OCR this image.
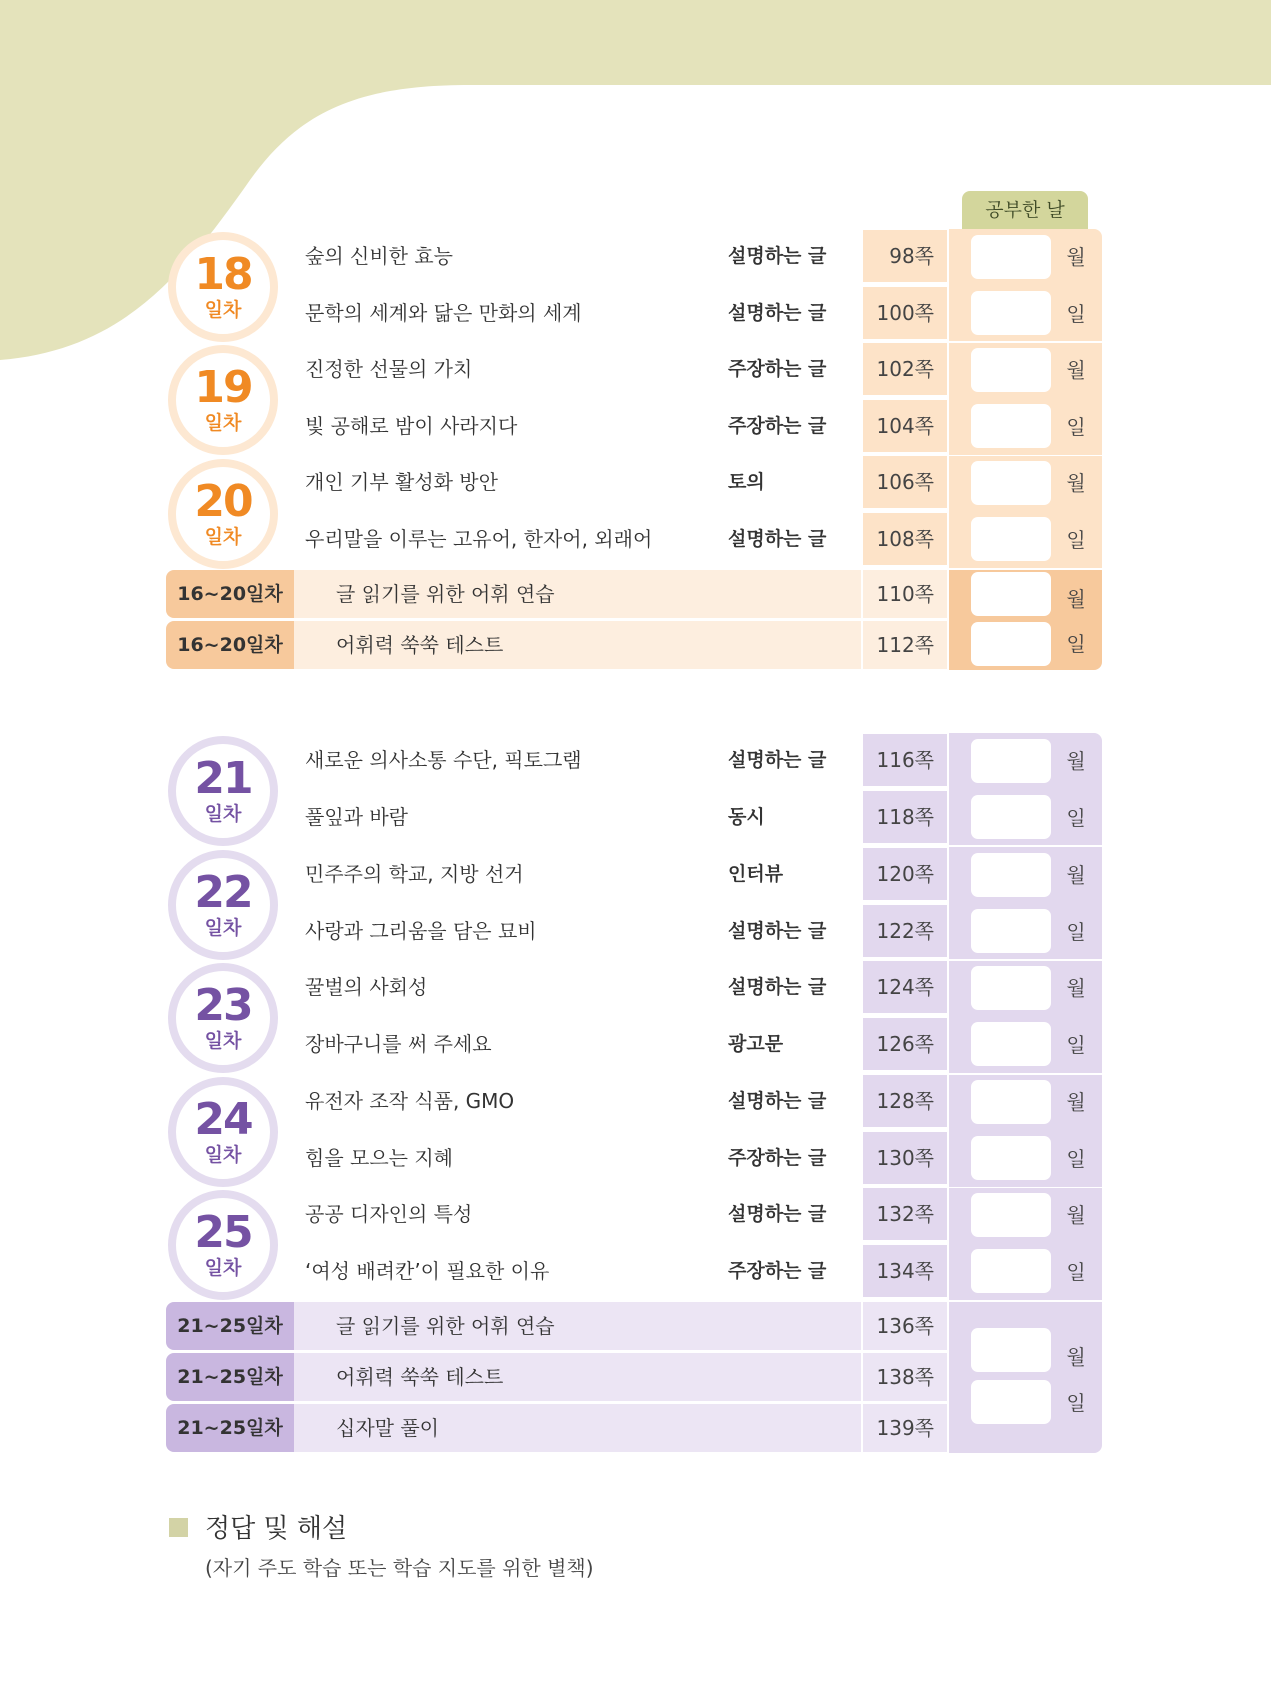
공부한 날
18
일차
숲의 신비한 효능	설명하는 글	98쪽	월
문학의 세계와 닮은 만화의 세계	설명하는 글	100쪽	일
19
일차
진정한 선물의 가치	주장하는 글	102쪽	월
빛 공해로 밤이 사라지다	주장하는 글	104쪽	일
20
일차
개인 기부 활성화 방안	토의	106쪽	월
우리말을 이루는 고유어, 한자어, 외래어	설명하는 글	108쪽	일
16~20일차	글 읽기를 위한 어휘 연습	110쪽	월
16~20일차	어휘력 쑥쑥 테스트	112쪽	일
21
일차
새로운 의사소통 수단, 픽토그램	설명하는 글	116쪽	월
풀잎과 바람	동시	118쪽	일
22
일차
민주주의 학교, 지방 선거	인터뷰	120쪽	월
사랑과 그리움을 담은 묘비	설명하는 글	122쪽	일
23
일차
꿀벌의 사회성	설명하는 글	124쪽	월
장바구니를 써 주세요	광고문	126쪽	일
24
일차
유전자 조작 식품, GMO	설명하는 글	128쪽	월
힘을 모으는 지혜	주장하는 글	130쪽	일
25
일차
공공 디자인의 특성	설명하는 글	132쪽	월
‘여성 배려칸’이 필요한 이유	주장하는 글	134쪽	일
21~25일차	글 읽기를 위한 어휘 연습	136쪽
21~25일차	어휘력 쑥쑥 테스트	138쪽
21~25일차	십자말 풀이	139쪽
월
일
정답 및 해설
(자기 주도 학습 또는 학습 지도를 위한 별책)
